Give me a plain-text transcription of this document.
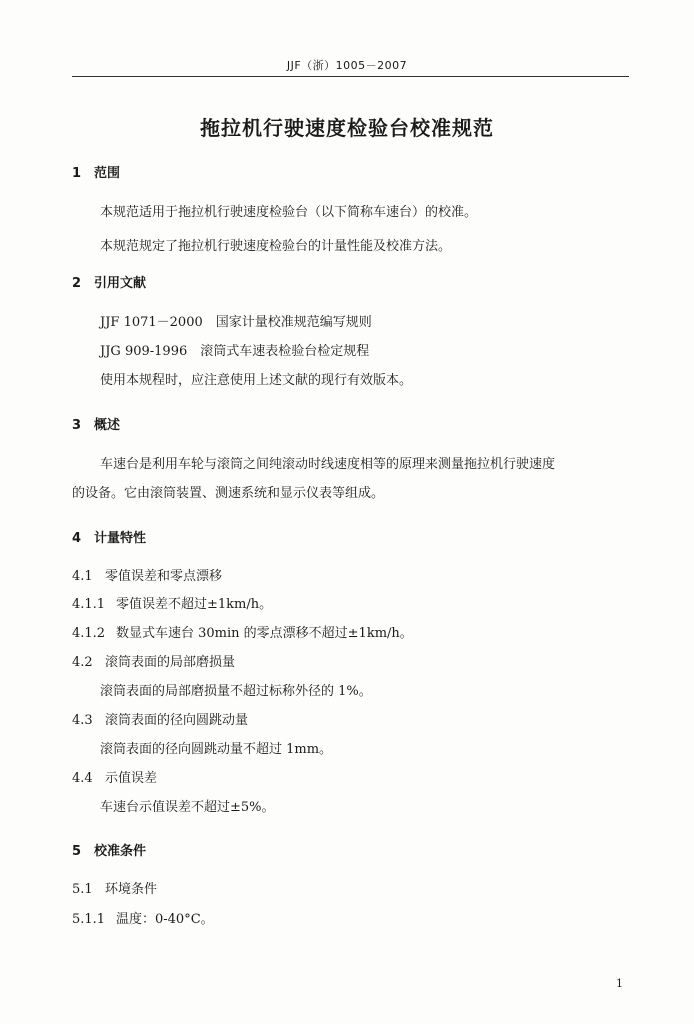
JJF（浙）1005－2007
拖拉机行驶速度检验台校准规范
1 范围
本规范适用于拖拉机行驶速度检验台（以下简称车速台）的校准。
本规范规定了拖拉机行驶速度检验台的计量性能及校准方法。
2 引用文献
JJF 1071－2000　国家计量校准规范编写规则
JJG 909-1996　滚筒式车速表检验台检定规程
使用本规程时，应注意使用上述文献的现行有效版本。
3 概述
车速台是利用车轮与滚筒之间纯滚动时线速度相等的原理来测量拖拉机行驶速度
的设备。它由滚筒装置、测速系统和显示仪表等组成。
4 计量特性
4.1 零值误差和零点漂移
4.1.1 零值误差不超过±1km/h。
4.1.2 数显式车速台 30min 的零点漂移不超过±1km/h。
4.2 滚筒表面的局部磨损量
滚筒表面的局部磨损量不超过标称外径的 1%。
4.3 滚筒表面的径向圆跳动量
滚筒表面的径向圆跳动量不超过 1mm。
4.4 示值误差
车速台示值误差不超过±5%。
5 校准条件
5.1 环境条件
5.1.1 温度：0-40°C。
1
